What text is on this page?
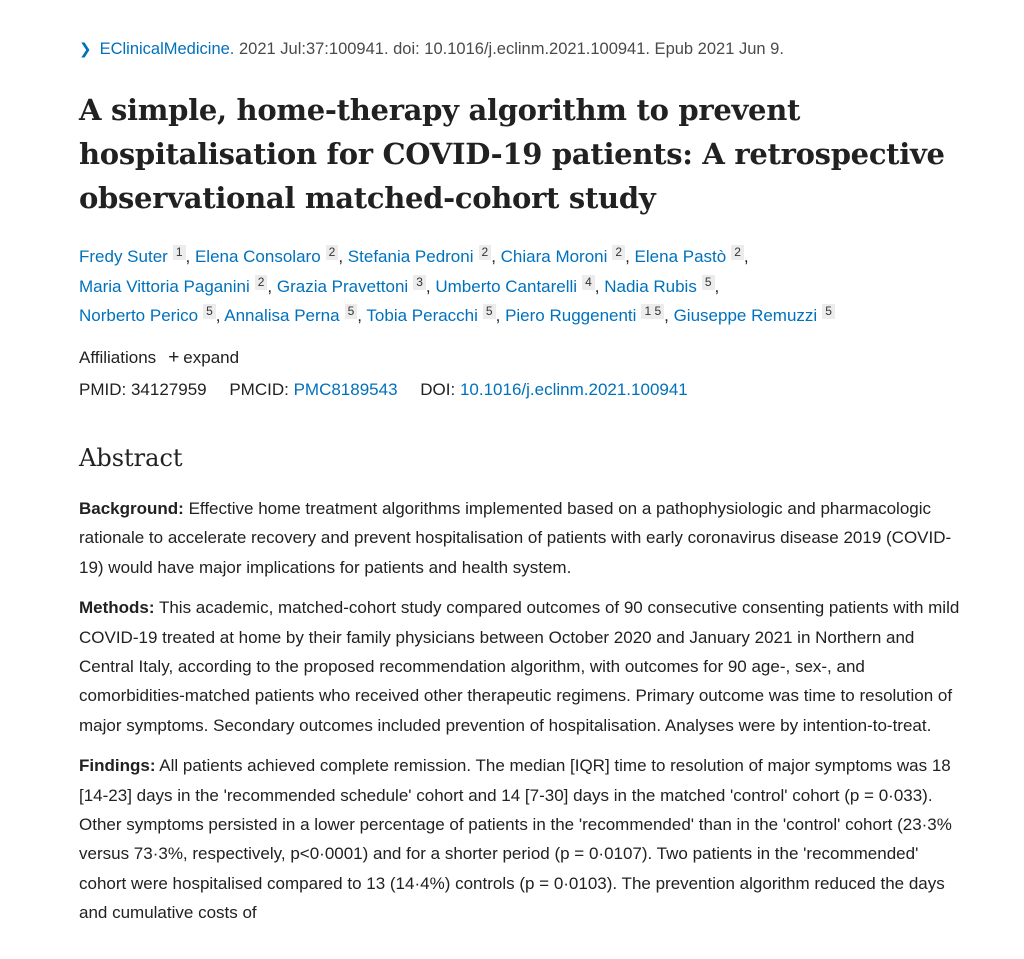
❯ EClinicalMedicine. 2021 Jul:37:100941. doi: 10.1016/j.eclinm.2021.100941. Epub 2021 Jun 9.
A simple, home-therapy algorithm to prevent hospitalisation for COVID-19 patients: A retrospective observational matched-cohort study
Fredy Suter 1 , Elena Consolaro 2 , Stefania Pedroni 2 , Chiara Moroni 2 , Elena Pastò 2 ,
Maria Vittoria Paganini 2 , Grazia Pravettoni 3 , Umberto Cantarelli 4 , Nadia Rubis 5 ,
Norberto Perico 5 , Annalisa Perna 5 , Tobia Peracchi 5 , Piero Ruggenenti 1 5 , Giuseppe Remuzzi 5
Affiliations + expand
PMID: 34127959 PMCID: PMC8189543 DOI: 10.1016/j.eclinm.2021.100941
Abstract

Background: Effective home treatment algorithms implemented based on a pathophysiologic and pharmacologic rationale to accelerate recovery and prevent hospitalisation of patients with early coronavirus disease 2019 (COVID-19) would have major implications for patients and health system.

Methods: This academic, matched-cohort study compared outcomes of 90 consecutive consenting patients with mild COVID-19 treated at home by their family physicians between October 2020 and January 2021 in Northern and Central Italy, according to the proposed recommendation algorithm, with outcomes for 90 age-, sex-, and comorbidities-matched patients who received other therapeutic regimens. Primary outcome was time to resolution of major symptoms. Secondary outcomes included prevention of hospitalisation. Analyses were by intention-to-treat.

Findings: All patients achieved complete remission. The median [IQR] time to resolution of major symptoms was 18 [14-23] days in the 'recommended schedule' cohort and 14 [7-30] days in the matched 'control' cohort (p = 0·033). Other symptoms persisted in a lower percentage of patients in the 'recommended' than in the 'control' cohort (23·3% versus 73·3%, respectively, p<0·0001) and for a shorter period (p = 0·0107). Two patients in the 'recommended' cohort were hospitalised compared to 13 (14·4%) controls (p = 0·0103). The prevention algorithm reduced the days and cumulative costs of
